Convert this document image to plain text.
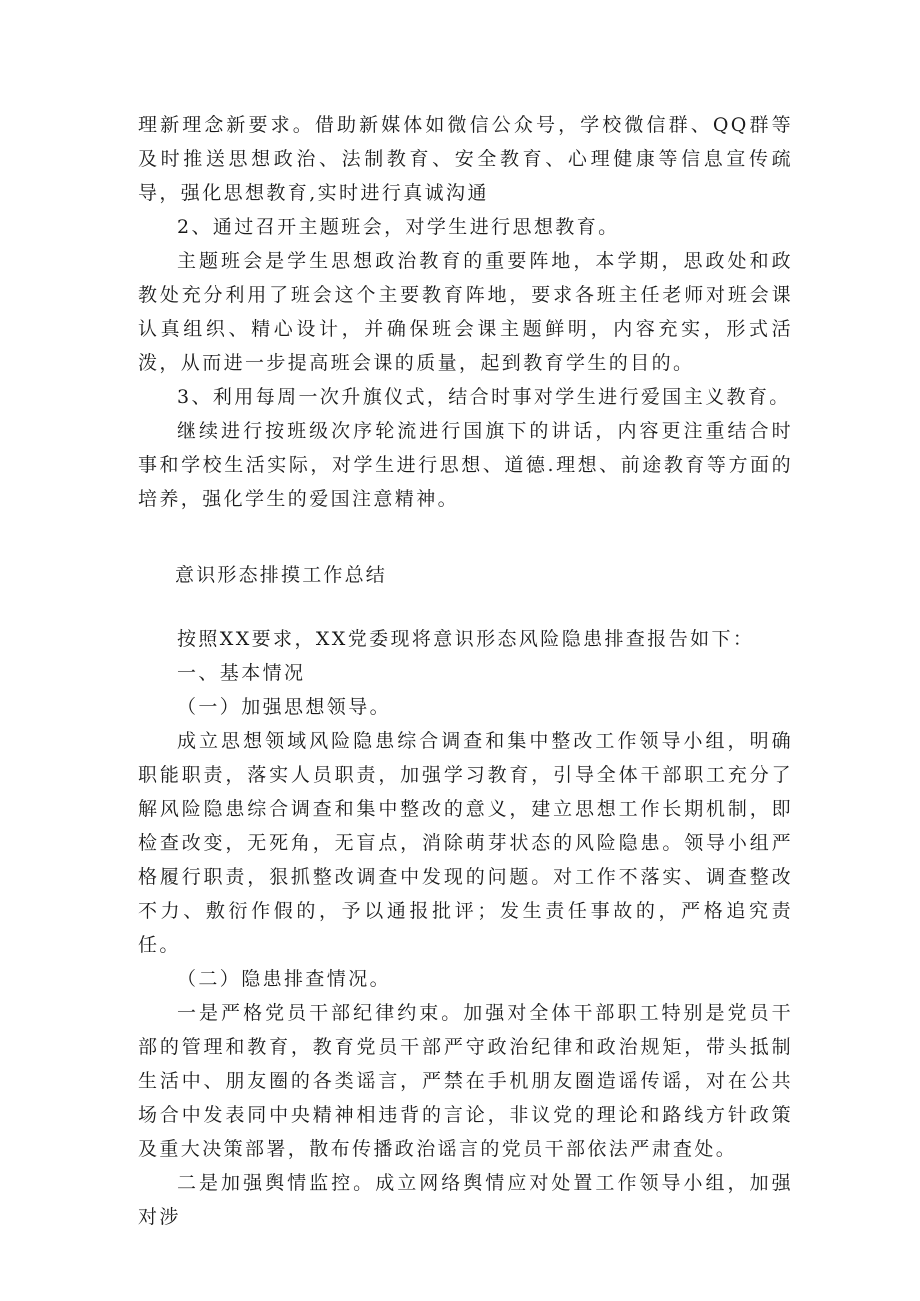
理新理念新要求。借助新媒体如微信公众号，学校微信群、QQ群等及时推送思想政治、法制教育、安全教育、心理健康等信息宣传疏导，强化思想教育,实时进行真诚沟通

2、通过召开主题班会，对学生进行思想教育。

主题班会是学生思想政治教育的重要阵地，本学期，思政处和政教处充分利用了班会这个主要教育阵地，要求各班主任老师对班会课认真组织、精心设计，并确保班会课主题鲜明，内容充实，形式活泼，从而进一步提高班会课的质量，起到教育学生的目的。

3、利用每周一次升旗仪式，结合时事对学生进行爱国主义教育。

继续进行按班级次序轮流进行国旗下的讲话，内容更注重结合时事和学校生活实际，对学生进行思想、道德.理想、前途教育等方面的培养，强化学生的爱国注意精神。

意识形态排摸工作总结

按照XX要求，XX党委现将意识形态风险隐患排查报告如下：

一、基本情况

（一）加强思想领导。

成立思想领域风险隐患综合调查和集中整改工作领导小组，明确职能职责，落实人员职责，加强学习教育，引导全体干部职工充分了解风险隐患综合调查和集中整改的意义，建立思想工作长期机制，即检查改变，无死角，无盲点，消除萌芽状态的风险隐患。领导小组严格履行职责，狠抓整改调查中发现的问题。对工作不落实、调查整改不力、敷衍作假的，予以通报批评；发生责任事故的，严格追究责任。

（二）隐患排查情况。

一是严格党员干部纪律约束。加强对全体干部职工特别是党员干部的管理和教育，教育党员干部严守政治纪律和政治规矩，带头抵制生活中、朋友圈的各类谣言，严禁在手机朋友圈造谣传谣，对在公共场合中发表同中央精神相违背的言论，非议党的理论和路线方针政策及重大决策部署，散布传播政治谣言的党员干部依法严肃査处。

二是加强舆情监控。成立网络舆情应对处置工作领导小组，加强对涉
